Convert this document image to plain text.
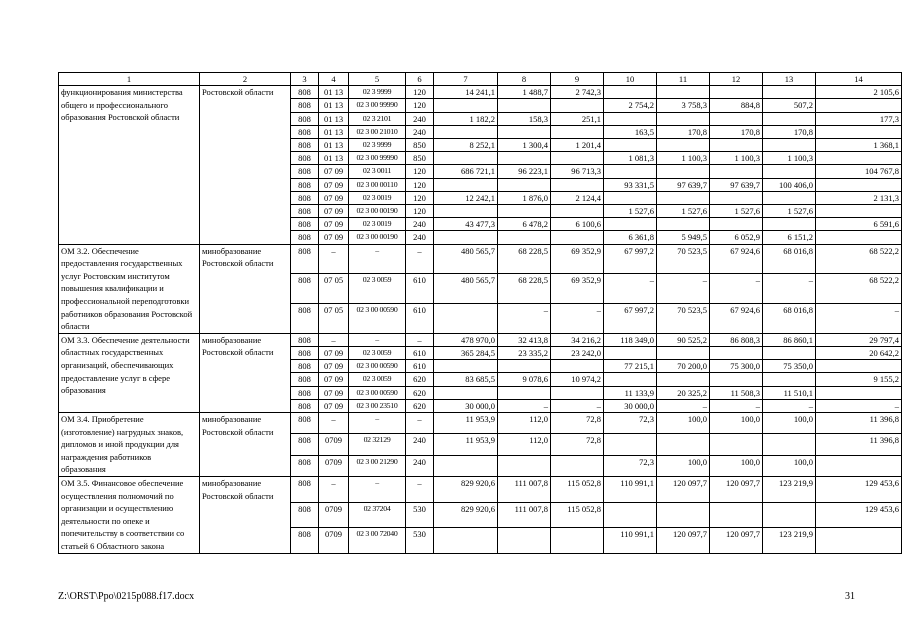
1	2	3	4	5	6	7	8	9	10	11	12	13	14
функционирования министерства общего и профессионального образования Ростовской области	Ростовской области	808	01 13	02 3 9999	120	14 241,1	1 488,7	2 742,3					2 105,6
		808	01 13	02 3 00 99990	120				2 754,2	3 758,3	884,8	507,2	
		808	01 13	02 3 2101	240	1 182,2	158,3	251,1					177,3
		808	01 13	02 3 00 21010	240				163,5	170,8	170,8	170,8	
		808	01 13	02 3 9999	850	8 252,1	1 300,4	1 201,4					1 368,1
		808	01 13	02 3 00 99990	850				1 081,3	1 100,3	1 100,3	1 100,3	
		808	07 09	02 3 0011	120	686 721,1	96 223,1	96 713,3					104 767,8
		808	07 09	02 3 00 00110	120				93 331,5	97 639,7	97 639,7	100 406,0	
		808	07 09	02 3 0019	120	12 242,1	1 876,0	2 124,4					2 131,3
		808	07 09	02 3 00 00190	120				1 527,6	1 527,6	1 527,6	1 527,6	
		808	07 09	02 3 0019	240	43 477,3	6 478,2	6 100,6					6 591,6
		808	07 09	02 3 00 00190	240				6 361,8	5 949,5	6 052,9	6 151,2	
ОМ 3.2. Обеспечение предоставления государственных услуг Ростовским институтом повышения квалификации и профессиональной переподготовки работников образования Ростовской области	минобразование Ростовской области	808	–	–	–	480 565,7	68 228,5	69 352,9	67 997,2	70 523,5	67 924,6	68 016,8	68 522,2
		808	07 05	02 3 0059	610	480 565,7	68 228,5	69 352,9	–	–	–	–	68 522,2
		808	07 05	02 3 00 00590	610		–	–	67 997,2	70 523,5	67 924,6	68 016,8	–
ОМ 3.3. Обеспечение деятельности областных государственных организаций, обеспечивающих предоставление услуг в сфере образования	минобразование Ростовской области	808	–	–	–	478 970,0	32 413,8	34 216,2	118 349,0	90 525,2	86 808,3	86 860,1	29 797,4
		808	07 09	02 3 0059	610	365 284,5	23 335,2	23 242,0					20 642,2
		808	07 09	02 3 00 00590	610				77 215,1	70 200,0	75 300,0	75 350,0	
		808	07 09	02 3 0059	620	83 685,5	9 078,6	10 974,2					9 155,2
		808	07 09	02 3 00 00590	620				11 133,9	20 325,2	11 508,3	11 510,1	
		808	07 09	02 3 00 23510	620	30 000,0	–	–	30 000,0	–	–	–	–
ОМ 3.4. Приобретение (изготовление) нагрудных знаков, дипломов и иной продукции для награждения работников образования	минобразование Ростовской области	808	–	–	–	11 953,9	112,0	72,8	72,3	100,0	100,0	100,0	11 396,8
		808	0709	02 32129	240	11 953,9	112,0	72,8					11 396,8
		808	0709	02 3 00 21290	240				72,3	100,0	100,0	100,0	
ОМ 3.5. Финансовое обеспечение осуществления полномочий по организации и осуществлению деятельности по опеке и попечительству в соответствии со статьей 6 Областного закона	минобразование Ростовской области	808	–	–	–	829 920,6	111 007,8	115 052,8	110 991,1	120 097,7	120 097,7	123 219,9	129 453,6
		808	0709	02 37204	530	829 920,6	111 007,8	115 052,8					129 453,6
		808	0709	02 3 00 72040	530				110 991,1	120 097,7	120 097,7	123 219,9	
Z:\ORST\Ppo\0215p088.f17.docx	31
